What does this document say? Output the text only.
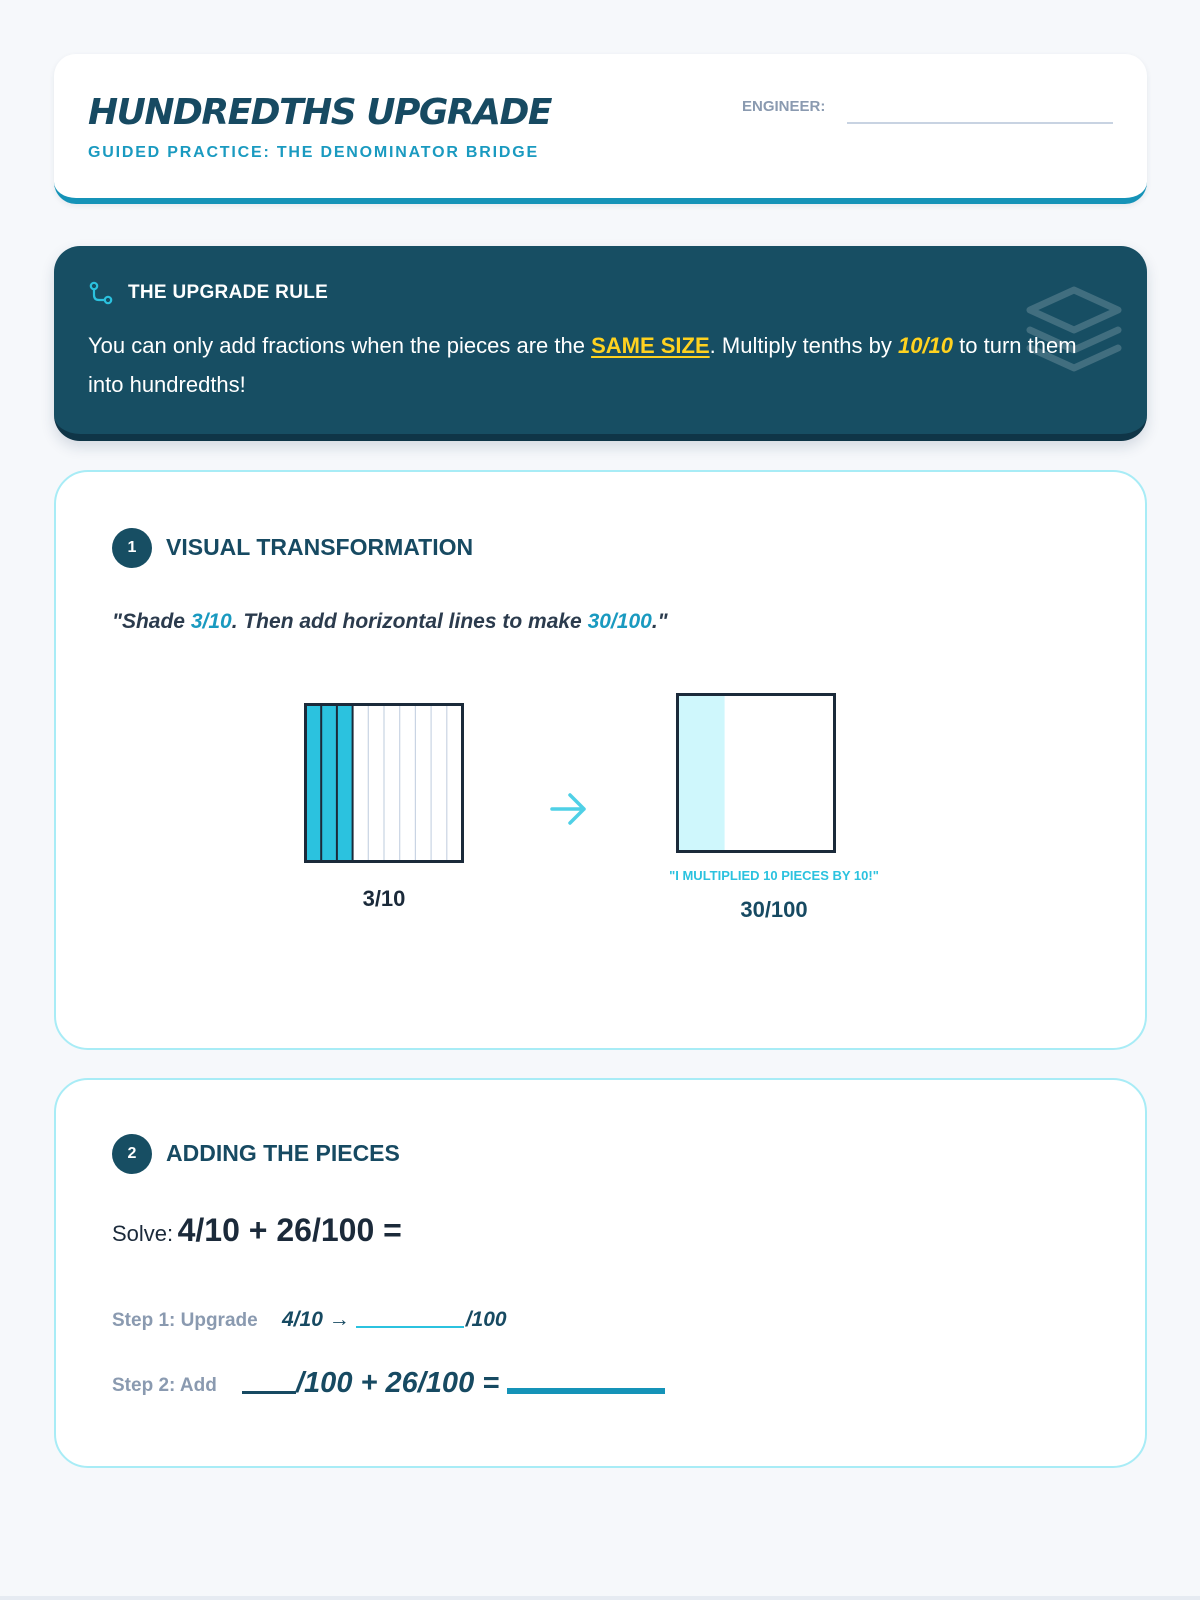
HUNDREDTHS UPGRADE
GUIDED PRACTICE: THE DENOMINATOR BRIDGE
ENGINEER:
THE UPGRADE RULE
You can only add fractions when the pieces are the SAME SIZE. Multiply tenths by 10/10 to turn them into hundredths!
1	VISUAL TRANSFORMATION
"Shade 3/10. Then add horizontal lines to make 30/100."
3/10
"I MULTIPLIED 10 PIECES BY 10!"
30/100
2	ADDING THE PIECES
Solve: 4/10 + 26/100 =
Step 1: Upgrade 4/10 →	/100
Step 2: Add	/100 + 26/100 =
